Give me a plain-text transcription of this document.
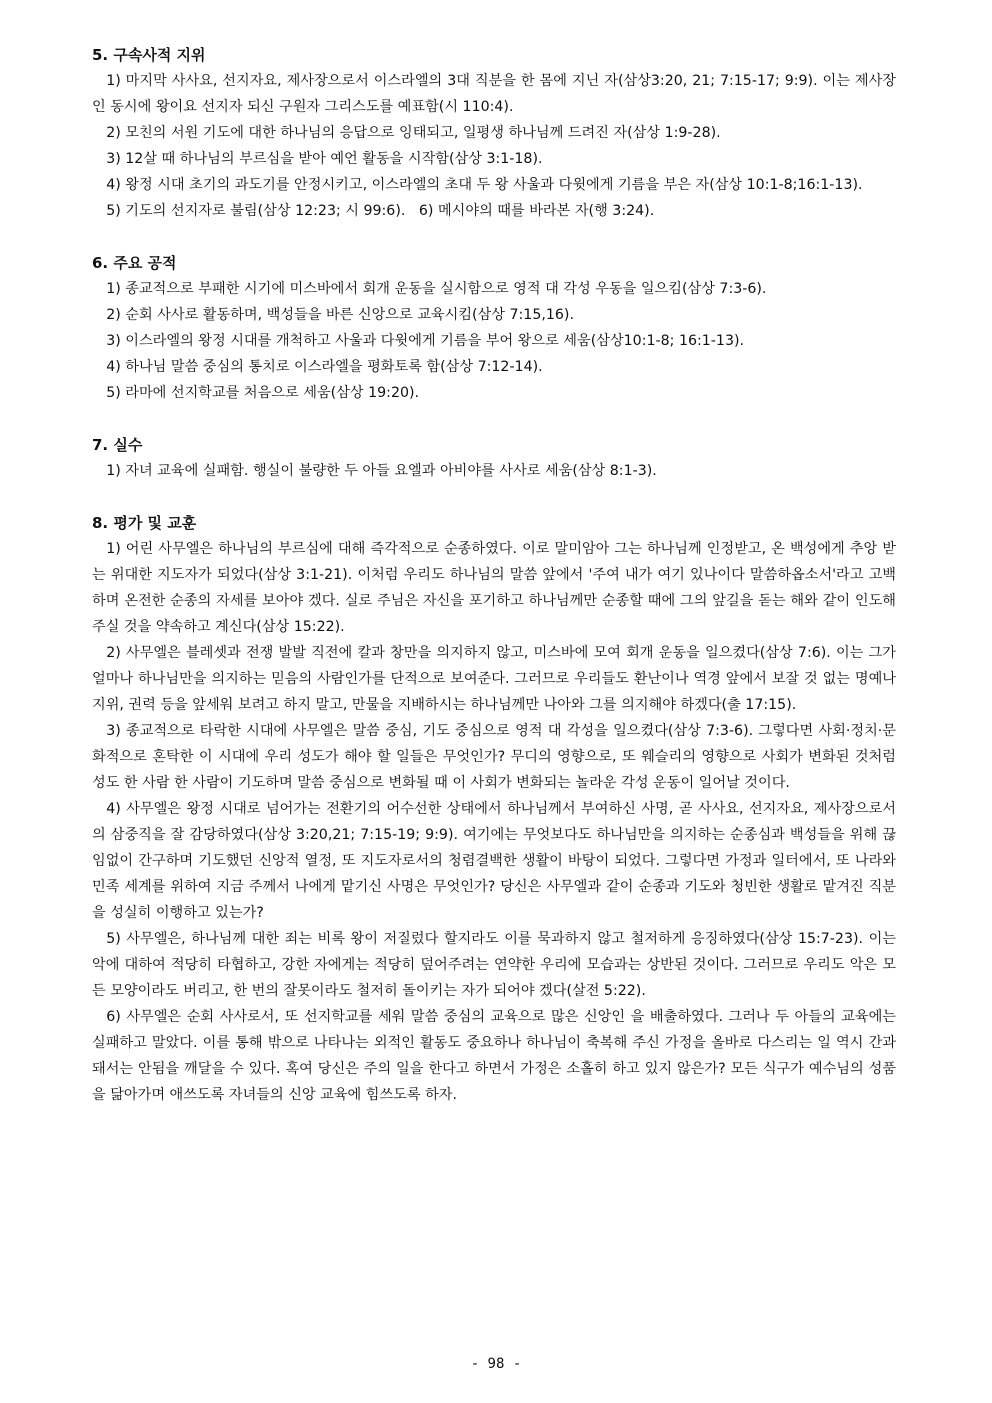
5. 구속사적 지위

1) 마지막 사사요, 선지자요, 제사장으로서 이스라엘의 3대 직분을 한 몸에 지닌 자(삼상3:20, 21; 7:15-17; 9:9). 이는 제사장인 동시에 왕이요 선지자 되신 구원자 그리스도를 예표함(시 110:4).

2) 모친의 서원 기도에 대한 하나님의 응답으로 잉태되고, 일평생 하나님께 드려진 자(삼상 1:9-28).

3) 12살 때 하나님의 부르심을 받아 예언 활동을 시작함(삼상 3:1-18).

4) 왕정 시대 초기의 과도기를 안정시키고, 이스라엘의 초대 두 왕 사울과 다윗에게 기름을 부은 자(삼상 10:1-8;16:1-13).

5) 기도의 선지자로 불림(삼상 12:23; 시 99:6).   6) 메시야의 때를 바라본 자(행 3:24).

6. 주요 공적

1) 종교적으로 부패한 시기에 미스바에서 회개 운동을 실시함으로 영적 대 각성 우동을 일으킴(삼상 7:3-6).

2) 순회 사사로 활동하며, 백성들을 바른 신앙으로 교육시킴(삼상 7:15,16).

3) 이스라엘의 왕정 시대를 개척하고 사울과 다윗에게 기름을 부어 왕으로 세움(삼상10:1-8; 16:1-13).

4) 하나님 말씀 중심의 통치로 이스라엘을 평화토록 함(삼상 7:12-14).

5) 라마에 선지학교를 처음으로 세움(삼상 19:20).

7. 실수

1) 자녀 교육에 실패함. 행실이 불량한 두 아들 요엘과 아비야를 사사로 세움(삼상 8:1-3).

8. 평가 및 교훈

1) 어린 사무엘은 하나님의 부르심에 대해 즉각적으로 순종하였다. 이로 말미암아 그는 하나님께 인정받고, 온 백성에게 추앙 받는 위대한 지도자가 되었다(삼상 3:1-21). 이처럼 우리도 하나님의 말씀 앞에서 '주여 내가 여기 있나이다 말씀하옵소서'라고 고백하며 온전한 순종의 자세를 보아야 겠다. 실로 주님은 자신을 포기하고 하나님께만 순종할 때에 그의 앞길을 돋는 해와 같이 인도해 주실 것을 약속하고 계신다(삼상 15:22).

2) 사무엘은 블레셋과 전쟁 발발 직전에 칼과 창만을 의지하지 않고, 미스바에 모여 회개 운동을 일으켰다(삼상 7:6). 이는 그가 얼마나 하나님만을 의지하는 믿음의 사람인가를 단적으로 보여준다. 그러므로 우리들도 환난이나 역경 앞에서 보잘 것 없는 명예나 지위, 권력 등을 앞세워 보려고 하지 말고, 만물을 지배하시는 하나님께만 나아와 그를 의지해야 하겠다(출 17:15).

3) 종교적으로 타락한 시대에 사무엘은 말씀 중심, 기도 중심으로 영적 대 각성을 일으켰다(삼상 7:3-6). 그렇다면 사회·정치·문화적으로 혼탁한 이 시대에 우리 성도가 해야 할 일들은 무엇인가? 무디의 영향으로, 또 웨슬리의 영향으로 사회가 변화된 것처럼 성도 한 사람 한 사람이 기도하며 말씀 중심으로 변화될 때 이 사회가 변화되는 놀라운 각성 운동이 일어날 것이다.

4) 사무엘은 왕정 시대로 넘어가는 전환기의 어수선한 상태에서 하나님께서 부여하신 사명, 곧 사사요, 선지자요, 제사장으로서의 삼중직을 잘 감당하였다(삼상 3:20,21; 7:15-19; 9:9). 여기에는 무엇보다도 하나님만을 의지하는 순종심과 백성들을 위해 끊임없이 간구하며 기도했던 신앙적 열정, 또 지도자로서의 청렴결백한 생활이 바탕이 되었다. 그렇다면 가정과 일터에서, 또 나라와 민족 세계를 위하여 지금 주께서 나에게 맡기신 사명은 무엇인가? 당신은 사무엘과 같이 순종과 기도와 청빈한 생활로 맡겨진 직분을 성실히 이행하고 있는가?

5) 사무엘은, 하나님께 대한 죄는 비록 왕이 저질렀다 할지라도 이를 묵과하지 않고 철저하게 응징하였다(삼상 15:7-23). 이는 악에 대하여 적당히 타협하고, 강한 자에게는 적당히 덮어주려는 연약한 우리에 모습과는 상반된 것이다. 그러므로 우리도 악은 모든 모양이라도 버리고, 한 번의 잘못이라도 철저히 돌이키는 자가 되어야 겠다(살전 5:22).

6) 사무엘은 순회 사사로서, 또 선지학교를 세워 말씀 중심의 교육으로 많은 신앙인 을 배출하였다. 그러나 두 아들의 교육에는 실패하고 말았다. 이를 통해 밖으로 나타나는 외적인 활동도 중요하나 하나님이 축복해 주신 가정을 올바로 다스리는 일 역시 간과돼서는 안됨을 깨달을 수 있다. 혹여 당신은 주의 일을 한다고 하면서 가정은 소홀히 하고 있지 않은가? 모든 식구가 예수님의 성품을 닮아가며 애쓰도록 자녀들의 신앙 교육에 힘쓰도록 하자.

- 98 -
